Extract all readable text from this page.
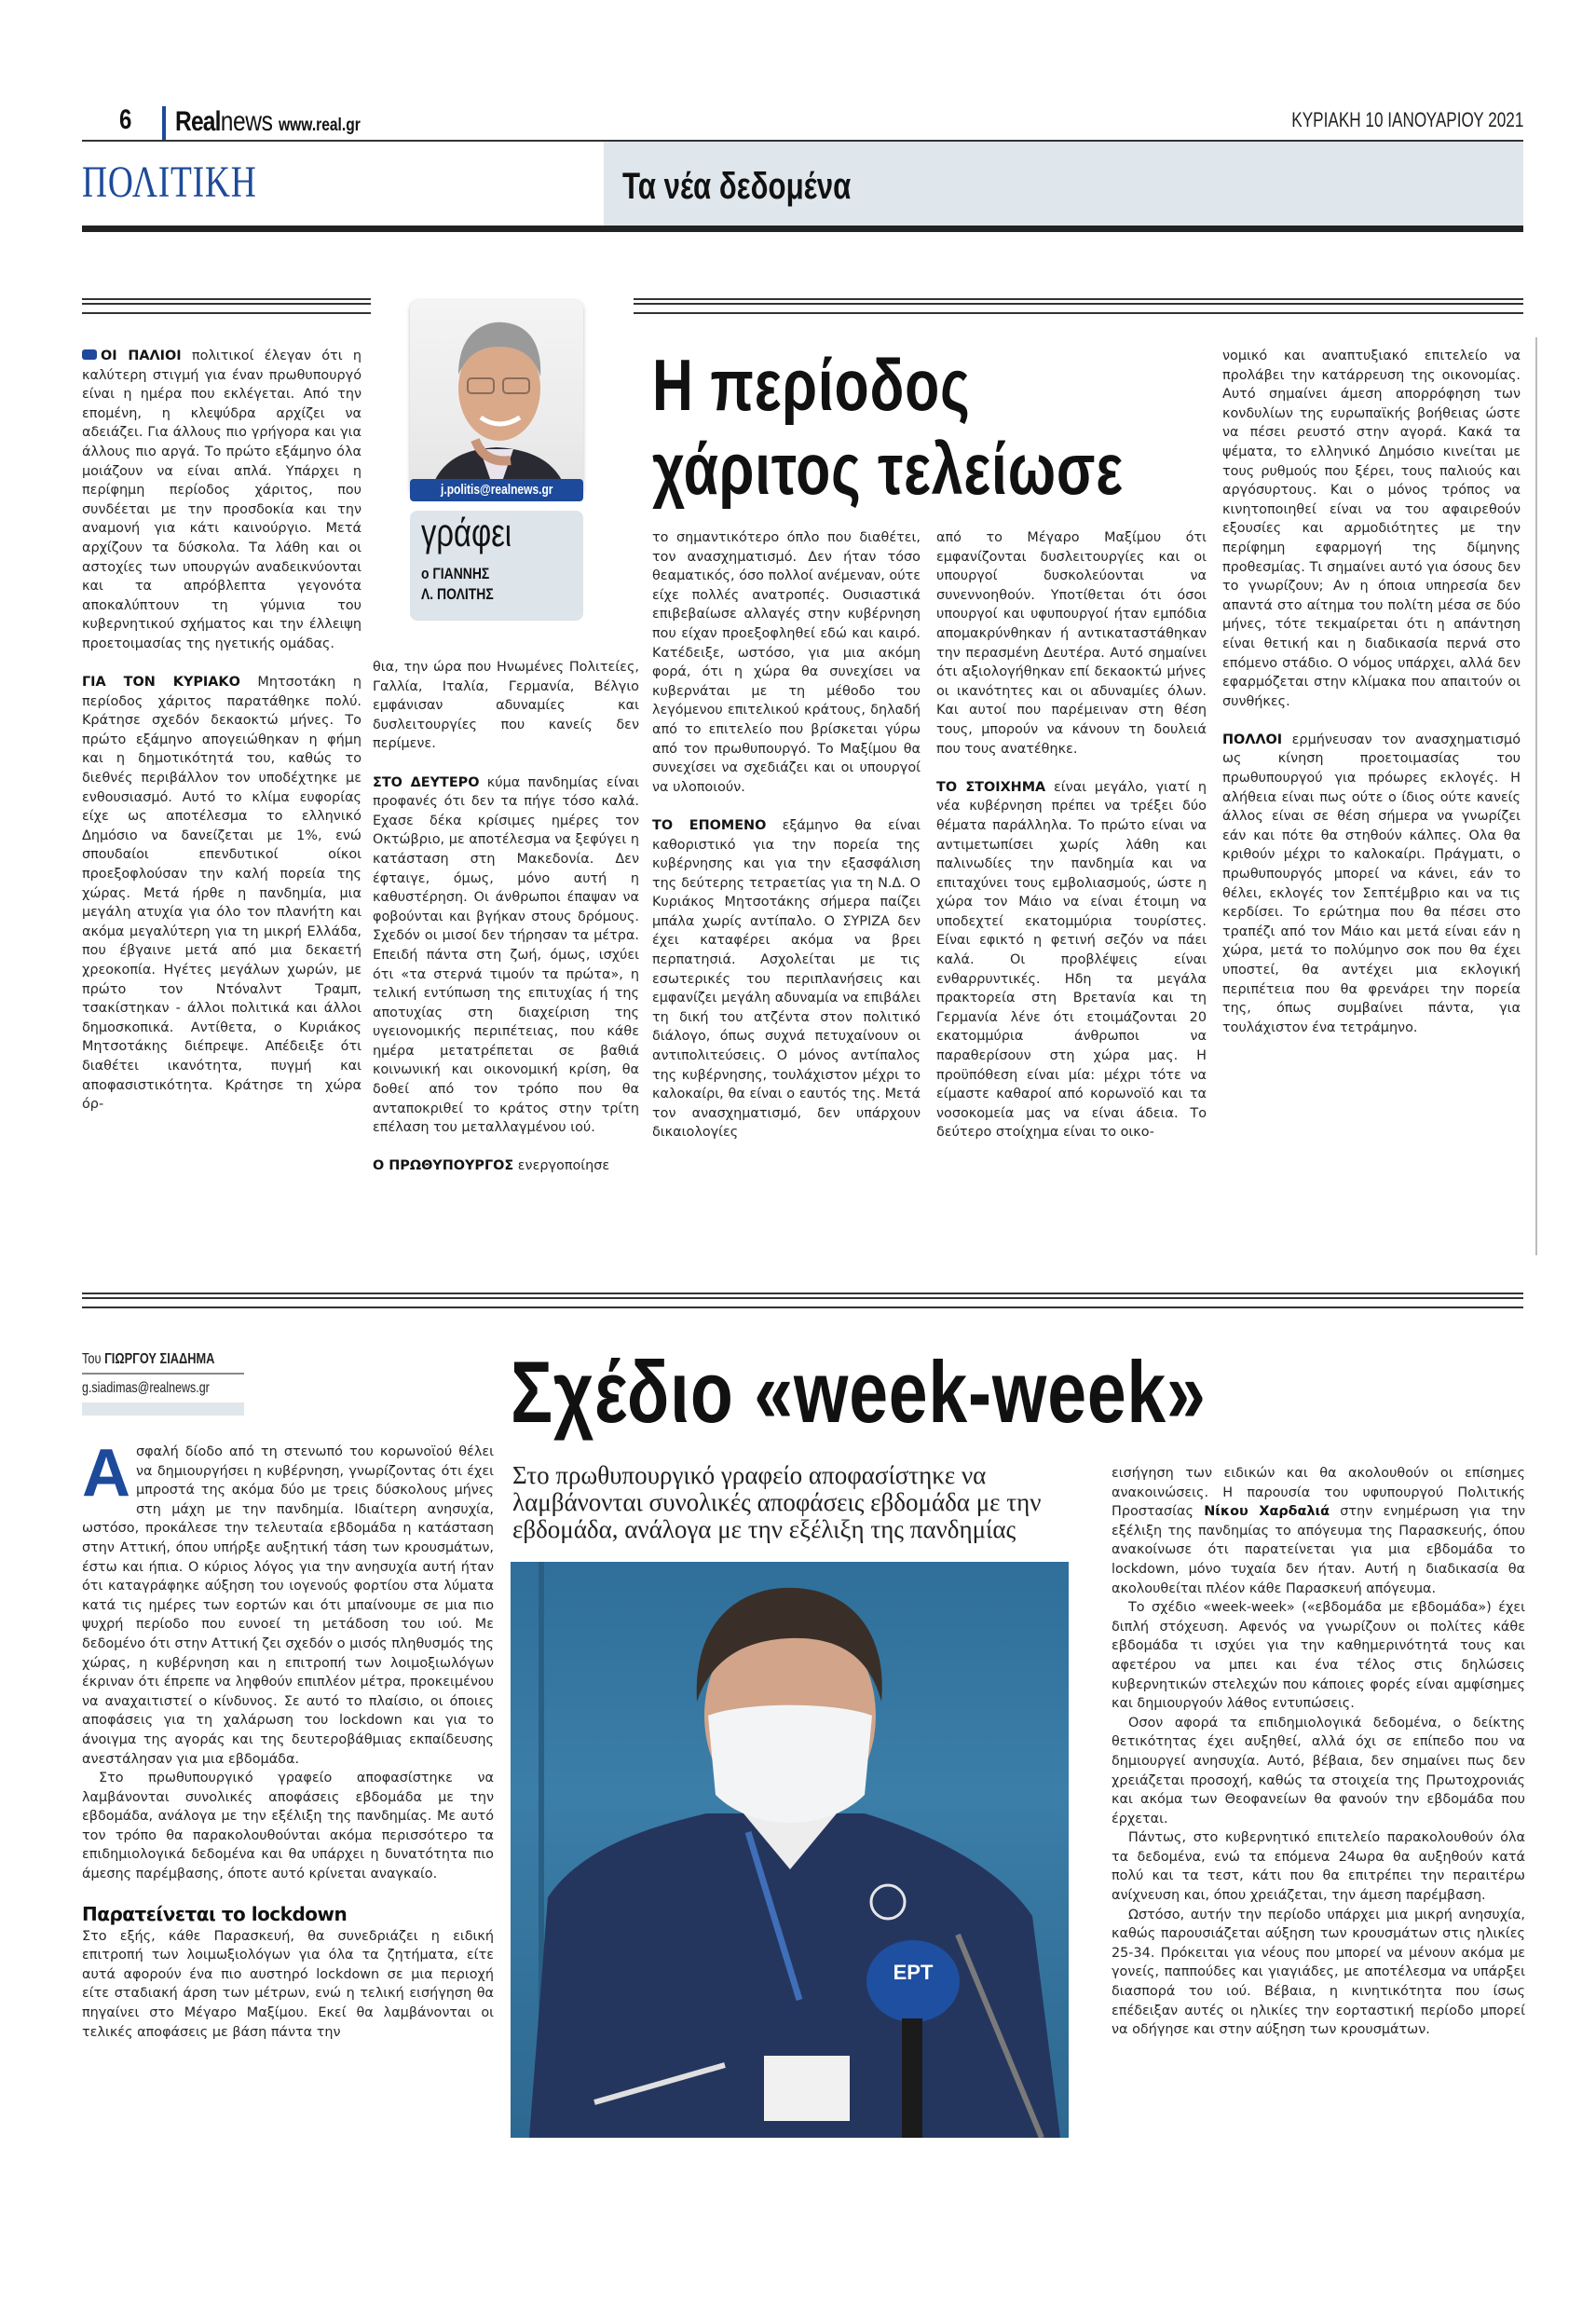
6 Realnews www.real.gr	ΚΥΡΙΑΚΗ 10 ΙΑΝΟΥΑΡΙΟΥ 2021
ΠΟΛΙΤΙΚΗ	Τα νέα δεδομένα

ΟΙ ΠΑΛΙΟΙ πολιτικοί έλεγαν ότι η καλύτερη στιγμή για έναν πρωθυπουργό είναι η ημέρα που εκλέγεται. Από την επομένη, η κλεψύδρα αρχίζει να αδειάζει. Για άλλους πιο γρήγορα και για άλλους πιο αργά. Το πρώτο εξάμηνο όλα μοιάζουν να είναι απλά. Υπάρχει η περίφημη περίοδος χάριτος, που συνδέεται με την προσδοκία και την αναμονή για κάτι καινούργιο. Μετά αρχίζουν τα δύσκολα. Τα λάθη και οι αστοχίες των υπουργών αναδεικνύονται και τα απρόβλεπτα γεγονότα αποκαλύπτουν τη γύμνια του κυβερνητικού σχήματος και την έλλειψη προετοιμασίας της ηγετικής ομάδας.

ΓΙΑ ΤΟΝ ΚΥΡΙΑΚΟ Μητσοτάκη η περίοδος χάριτος παρατάθηκε πολύ. Κράτησε σχεδόν δεκαοκτώ μήνες. Το πρώτο εξάμηνο απογειώθηκαν η φήμη και η δημοτικότητά του, καθώς το διεθνές περιβάλλον τον υποδέχτηκε με ενθουσιασμό. Αυτό το κλίμα ευφορίας είχε ως αποτέλεσμα το ελληνικό Δημόσιο να δανείζεται με 1%, ενώ σπουδαίοι επενδυτικοί οίκοι προεξοφλούσαν την καλή πορεία της χώρας. Μετά ήρθε η πανδημία, μια μεγάλη ατυχία για όλο τον πλανήτη και ακόμα μεγαλύτερη για τη μικρή Ελλάδα, που έβγαινε μετά από μια δεκαετή χρεοκοπία. Ηγέτες μεγάλων χωρών, με πρώτο τον Ντόναλντ Τραμπ, τσακίστηκαν - άλλοι πολιτικά και άλλοι δημοσκοπικά. Αντίθετα, ο Κυριάκος Μητσοτάκης διέπρεψε. Απέδειξε ότι διαθέτει ικανότητα, πυγμή και αποφασιστικότητα. Κράτησε τη χώρα όρ-

j.politis@realnews.gr
γράφει
ο ΓΙΑΝΝΗΣ
Λ. ΠΟΛΙΤΗΣ

θια, την ώρα που Ηνωμένες Πολιτείες, Γαλλία, Ιταλία, Γερμανία, Βέλγιο εμφάνισαν αδυναμίες και δυσλειτουργίες που κανείς δεν περίμενε.

ΣΤΟ ΔΕΥΤΕΡΟ κύμα πανδημίας είναι προφανές ότι δεν τα πήγε τόσο καλά. Εχασε δέκα κρίσιμες ημέρες τον Οκτώβριο, με αποτέλεσμα να ξεφύγει η κατάσταση στη Μακεδονία. Δεν έφταιγε, όμως, μόνο αυτή η καθυστέρηση. Οι άνθρωποι έπαψαν να φοβούνται και βγήκαν στους δρόμους. Σχεδόν οι μισοί δεν τήρησαν τα μέτρα. Επειδή πάντα στη ζωή, όμως, ισχύει ότι «τα στερνά τιμούν τα πρώτα», η τελική εντύπωση της επιτυχίας ή της αποτυχίας στη διαχείριση της υγειονομικής περιπέτειας, που κάθε ημέρα μετατρέπεται σε βαθιά κοινωνική και οικονομική κρίση, θα δοθεί από τον τρόπο που θα ανταποκριθεί το κράτος στην τρίτη επέλαση του μεταλλαγμένου ιού.

Ο ΠΡΩΘΥΠΟΥΡΓΟΣ ενεργοποίησε

Η περίοδος
χάριτος τελείωσε

το σημαντικότερο όπλο που διαθέτει, τον ανασχηματισμό. Δεν ήταν τόσο θεαματικός, όσο πολλοί ανέμεναν, ούτε είχε πολλές ανατροπές. Ουσιαστικά επιβεβαίωσε αλλαγές στην κυβέρνηση που είχαν προεξοφληθεί εδώ και καιρό. Κατέδειξε, ωστόσο, για μια ακόμη φορά, ότι η χώρα θα συνεχίσει να κυβερνάται με τη μέθοδο του λεγόμενου επιτελικού κράτους, δηλαδή από το επιτελείο που βρίσκεται γύρω από τον πρωθυπουργό. Το Μαξίμου θα συνεχίσει να σχεδιάζει και οι υπουργοί να υλοποιούν.

ΤΟ ΕΠΟΜΕΝΟ εξάμηνο θα είναι καθοριστικό για την πορεία της κυβέρνησης και για την εξασφάλιση της δεύτερης τετραετίας για τη Ν.Δ. Ο Κυριάκος Μητσοτάκης σήμερα παίζει μπάλα χωρίς αντίπαλο. Ο ΣΥΡΙΖΑ δεν έχει καταφέρει ακόμα να βρει περπατησιά. Ασχολείται με τις εσωτερικές του περιπλανήσεις και εμφανίζει μεγάλη αδυναμία να επιβάλει τη δική του ατζέντα στον πολιτικό διάλογο, όπως συχνά πετυχαίνουν οι αντιπολιτεύσεις. Ο μόνος αντίπαλος της κυβέρνησης, τουλάχιστον μέχρι το καλοκαίρι, θα είναι ο εαυτός της. Μετά τον ανασχηματισμό, δεν υπάρχουν δικαιολογίες

από το Μέγαρο Μαξίμου ότι εμφανίζονται δυσλειτουργίες και οι υπουργοί δυσκολεύονται να συνεννοηθούν. Υποτίθεται ότι όσοι υπουργοί και υφυπουργοί ήταν εμπόδια απομακρύνθηκαν ή αντικαταστάθηκαν την περασμένη Δευτέρα. Αυτό σημαίνει ότι αξιολογήθηκαν επί δεκαοκτώ μήνες οι ικανότητες και οι αδυναμίες όλων. Και αυτοί που παρέμειναν στη θέση τους, μπορούν να κάνουν τη δουλειά που τους ανατέθηκε.

ΤΟ ΣΤΟΙΧΗΜΑ είναι μεγάλο, γιατί η νέα κυβέρνηση πρέπει να τρέξει δύο θέματα παράλληλα. Το πρώτο είναι να αντιμετωπίσει χωρίς λάθη και παλινωδίες την πανδημία και να επιταχύνει τους εμβολιασμούς, ώστε η χώρα τον Μάιο να είναι έτοιμη να υποδεχτεί εκατομμύρια τουρίστες. Είναι εφικτό η φετινή σεζόν να πάει καλά. Οι προβλέψεις είναι ενθαρρυντικές. Ηδη τα μεγάλα πρακτορεία στη Βρετανία και τη Γερμανία λένε ότι ετοιμάζονται 20 εκατομμύρια άνθρωποι να παραθερίσουν στη χώρα μας. Η προϋπόθεση είναι μία: μέχρι τότε να είμαστε καθαροί από κορωνοϊό και τα νοσοκομεία μας να είναι άδεια. Το δεύτερο στοίχημα είναι το οικο-

νομικό και αναπτυξιακό επιτελείο να προλάβει την κατάρρευση της οικονομίας. Αυτό σημαίνει άμεση απορρόφηση των κονδυλίων της ευρωπαϊκής βοήθειας ώστε να πέσει ρευστό στην αγορά. Κακά τα ψέματα, το ελληνικό Δημόσιο κινείται με τους ρυθμούς που ξέρει, τους παλιούς και αργόσυρτους. Και ο μόνος τρόπος να κινητοποιηθεί είναι να του αφαιρεθούν εξουσίες και αρμοδιότητες με την περίφημη εφαρμογή της δίμηνης προθεσμίας. Τι σημαίνει αυτό για όσους δεν το γνωρίζουν; Αν η όποια υπηρεσία δεν απαντά στο αίτημα του πολίτη μέσα σε δύο μήνες, τότε τεκμαίρεται ότι η απάντηση είναι θετική και η διαδικασία περνά στο επόμενο στάδιο. Ο νόμος υπάρχει, αλλά δεν εφαρμόζεται στην κλίμακα που απαιτούν οι συνθήκες.

ΠΟΛΛΟΙ ερμήνευσαν τον ανασχηματισμό ως κίνηση προετοιμασίας του πρωθυπουργού για πρόωρες εκλογές. Η αλήθεια είναι πως ούτε ο ίδιος ούτε κανείς άλλος είναι σε θέση σήμερα να γνωρίζει εάν και πότε θα στηθούν κάλπες. Ολα θα κριθούν μέχρι το καλοκαίρι. Πράγματι, ο πρωθυπουργός μπορεί να κάνει, εάν το θέλει, εκλογές τον Σεπτέμβριο και να τις κερδίσει. Το ερώτημα που θα πέσει στο τραπέζι από τον Μάιο και μετά είναι εάν η χώρα, μετά το πολύμηνο σοκ που θα έχει υποστεί, θα αντέχει μια εκλογική περιπέτεια που θα φρενάρει την πορεία της, όπως συμβαίνει πάντα, για τουλάχιστον ένα τετράμηνο.

Του ΓΙΩΡΓΟΥ ΣΙΑΔΗΜΑ
g.siadimas@realnews.gr	Σχέδιο «week-week»
Στο πρωθυπουργικό γραφείο αποφασίστηκε να λαμβάνονται συνολικές αποφάσεις εβδομάδα με την εβδομάδα, ανάλογα με την εξέλιξη της πανδημίας

Ασφαλή δίοδο από τη στενωπό του κορωνοϊού θέλει να δημιουργήσει η κυβέρνηση, γνωρίζοντας ότι έχει μπροστά της ακόμα δύο με τρεις δύσκολους μήνες στη μάχη με την πανδημία. Ιδιαίτερη ανησυχία, ωστόσο, προκάλεσε την τελευταία εβδομάδα η κατάσταση στην Αττική, όπου υπήρξε αυξητική τάση των κρουσμάτων, έστω και ήπια. Ο κύριος λόγος για την ανησυχία αυτή ήταν ότι καταγράφηκε αύξηση του ιογενούς φορτίου στα λύματα κατά τις ημέρες των εορτών και ότι μπαίνουμε σε μια πιο ψυχρή περίοδο που ευνοεί τη μετάδοση του ιού. Με δεδομένο ότι στην Αττική ζει σχεδόν ο μισός πληθυσμός της χώρας, η κυβέρνηση και η επιτροπή των λοιμοξιωλόγων έκριναν ότι έπρεπε να ληφθούν επιπλέον μέτρα, προκειμένου να αναχαιτιστεί ο κίνδυνος. Σε αυτό το πλαίσιο, οι όποιες αποφάσεις για τη χαλάρωση του lockdown και για το άνοιγμα της αγοράς και της δευτεροβάθμιας εκπαίδευσης ανεστάλησαν για μια εβδομάδα.

Στο πρωθυπουργικό γραφείο αποφασίστηκε να λαμβάνονται συνολικές αποφάσεις εβδομάδα με την εβδομάδα, ανάλογα με την εξέλιξη της πανδημίας. Με αυτό τον τρόπο θα παρακολουθούνται ακόμα περισσότερο τα επιδημιολογικά δεδομένα και θα υπάρχει η δυνατότητα πιο άμεσης παρέμβασης, όποτε αυτό κρίνεται αναγκαίο.

Παρατείνεται το lockdown

Στο εξής, κάθε Παρασκευή, θα συνεδριάζει η ειδική επιτροπή των λοιμωξιολόγων για όλα τα ζητήματα, είτε αυτά αφορούν ένα πιο αυστηρό lockdown σε μια περιοχή είτε σταδιακή άρση των μέτρων, ενώ η τελική εισήγηση θα πηγαίνει στο Μέγαρο Μαξίμου. Εκεί θα λαμβάνονται οι τελικές αποφάσεις με βάση πάντα την

ΕΡΤ

εισήγηση των ειδικών και θα ακολουθούν οι επίσημες ανακοινώσεις. Η παρουσία του υφυπουργού Πολιτικής Προστασίας Νίκου Χαρδαλιά στην ενημέρωση για την εξέλιξη της πανδημίας το απόγευμα της Παρασκευής, όπου ανακοίνωσε ότι παρατείνεται για μια εβδομάδα το lockdown, μόνο τυχαία δεν ήταν. Αυτή η διαδικασία θα ακολουθείται πλέον κάθε Παρασκευή απόγευμα.

Το σχέδιο «week-week» («εβδομάδα με εβδομάδα») έχει διπλή στόχευση. Αφενός να γνωρίζουν οι πολίτες κάθε εβδομάδα τι ισχύει για την καθημερινότητά τους και αφετέρου να μπει και ένα τέλος στις δηλώσεις κυβερνητικών στελεχών που κάποιες φορές είναι αμφίσημες και δημιουργούν λάθος εντυπώσεις.

Οσον αφορά τα επιδημιολογικά δεδομένα, ο δείκτης θετικότητας έχει αυξηθεί, αλλά όχι σε επίπεδο που να δημιουργεί ανησυχία. Αυτό, βέβαια, δεν σημαίνει πως δεν χρειάζεται προσοχή, καθώς τα στοιχεία της Πρωτοχρονιάς και ακόμα των Θεοφανείων θα φανούν την εβδομάδα που έρχεται.

Πάντως, στο κυβερνητικό επιτελείο παρακολουθούν όλα τα δεδομένα, ενώ τα επόμενα 24ωρα θα αυξηθούν κατά πολύ και τα τεστ, κάτι που θα επιτρέπει την περαιτέρω ανίχνευση και, όπου χρειάζεται, την άμεση παρέμβαση.

Ωστόσο, αυτήν την περίοδο υπάρχει μια μικρή ανησυχία, καθώς παρουσιάζεται αύξηση των κρουσμάτων στις ηλικίες 25-34. Πρόκειται για νέους που μπορεί να μένουν ακόμα με γονείς, παππούδες και γιαγιάδες, με αποτέλεσμα να υπάρξει διασπορά του ιού. Βέβαια, η κινητικότητα που ίσως επέδειξαν αυτές οι ηλικίες την εορταστική περίοδο μπορεί να οδήγησε και στην αύξηση των κρουσμάτων.
